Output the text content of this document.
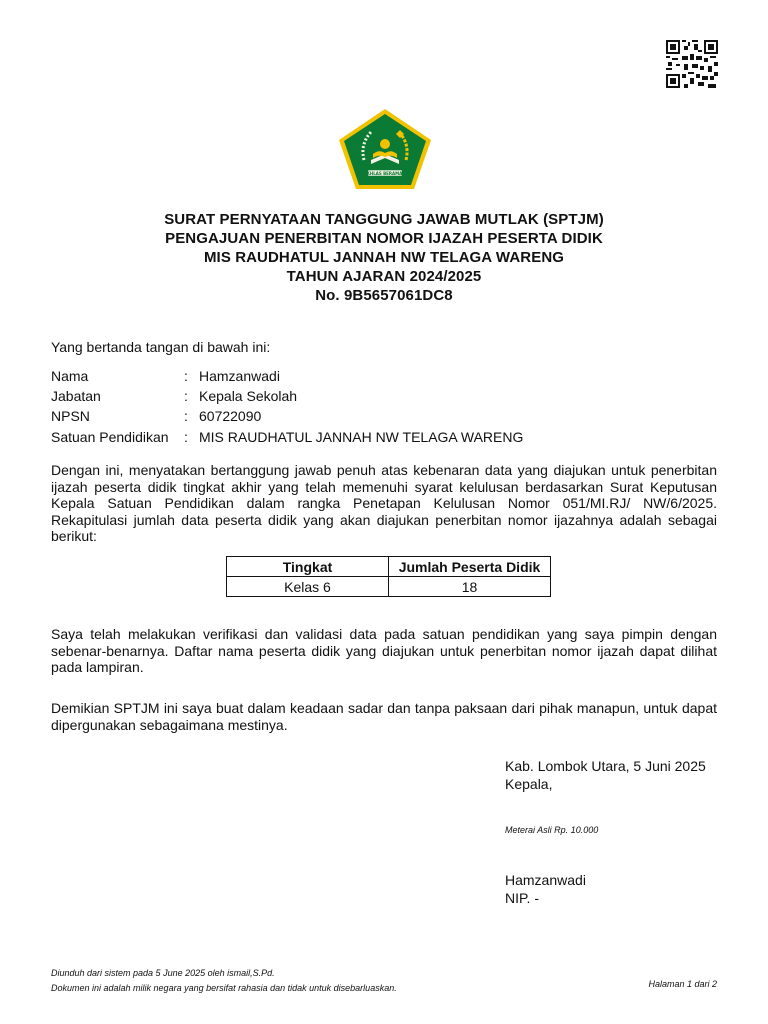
IKHLAS BERAMAL
SURAT PERNYATAAN TANGGUNG JAWAB MUTLAK (SPTJM)
PENGAJUAN PENERBITAN NOMOR IJAZAH PESERTA DIDIK
MIS RAUDHATUL JANNAH NW TELAGA WARENG
TAHUN AJARAN 2024/2025
No. 9B5657061DC8
Yang bertanda tangan di bawah ini:
Nama	: Hamzanwadi
Jabatan	: Kepala Sekolah
NPSN	: 60722090
Satuan Pendidikan : MIS RAUDHATUL JANNAH NW TELAGA WARENG
Dengan ini, menyatakan bertanggung jawab penuh atas kebenaran data yang diajukan untuk penerbitan ijazah peserta didik tingkat akhir yang telah memenuhi syarat kelulusan berdasarkan Surat Keputusan Kepala Satuan Pendidikan dalam rangka Penetapan Kelulusan Nomor 051/MI.RJ/ NW/6/2025. Rekapitulasi jumlah data peserta didik yang akan diajukan penerbitan nomor ijazahnya adalah sebagai berikut:
Tingkat	Jumlah Peserta Didik
Kelas 6	18
Saya telah melakukan verifikasi dan validasi data pada satuan pendidikan yang saya pimpin dengan sebenar-benarnya. Daftar nama peserta didik yang diajukan untuk penerbitan nomor ijazah dapat dilihat pada lampiran.
Demikian SPTJM ini saya buat dalam keadaan sadar dan tanpa paksaan dari pihak manapun, untuk dapat dipergunakan sebagaimana mestinya.
Kab. Lombok Utara, 5 Juni 2025
Kepala,
Meterai Asli Rp. 10.000
Hamzanwadi
NIP. -
Diunduh dari sistem pada 5 June 2025 oleh ismail,S.Pd.
Dokumen ini adalah milik negara yang bersifat rahasia dan tidak untuk disebarluaskan.	Halaman 1 dari 2
